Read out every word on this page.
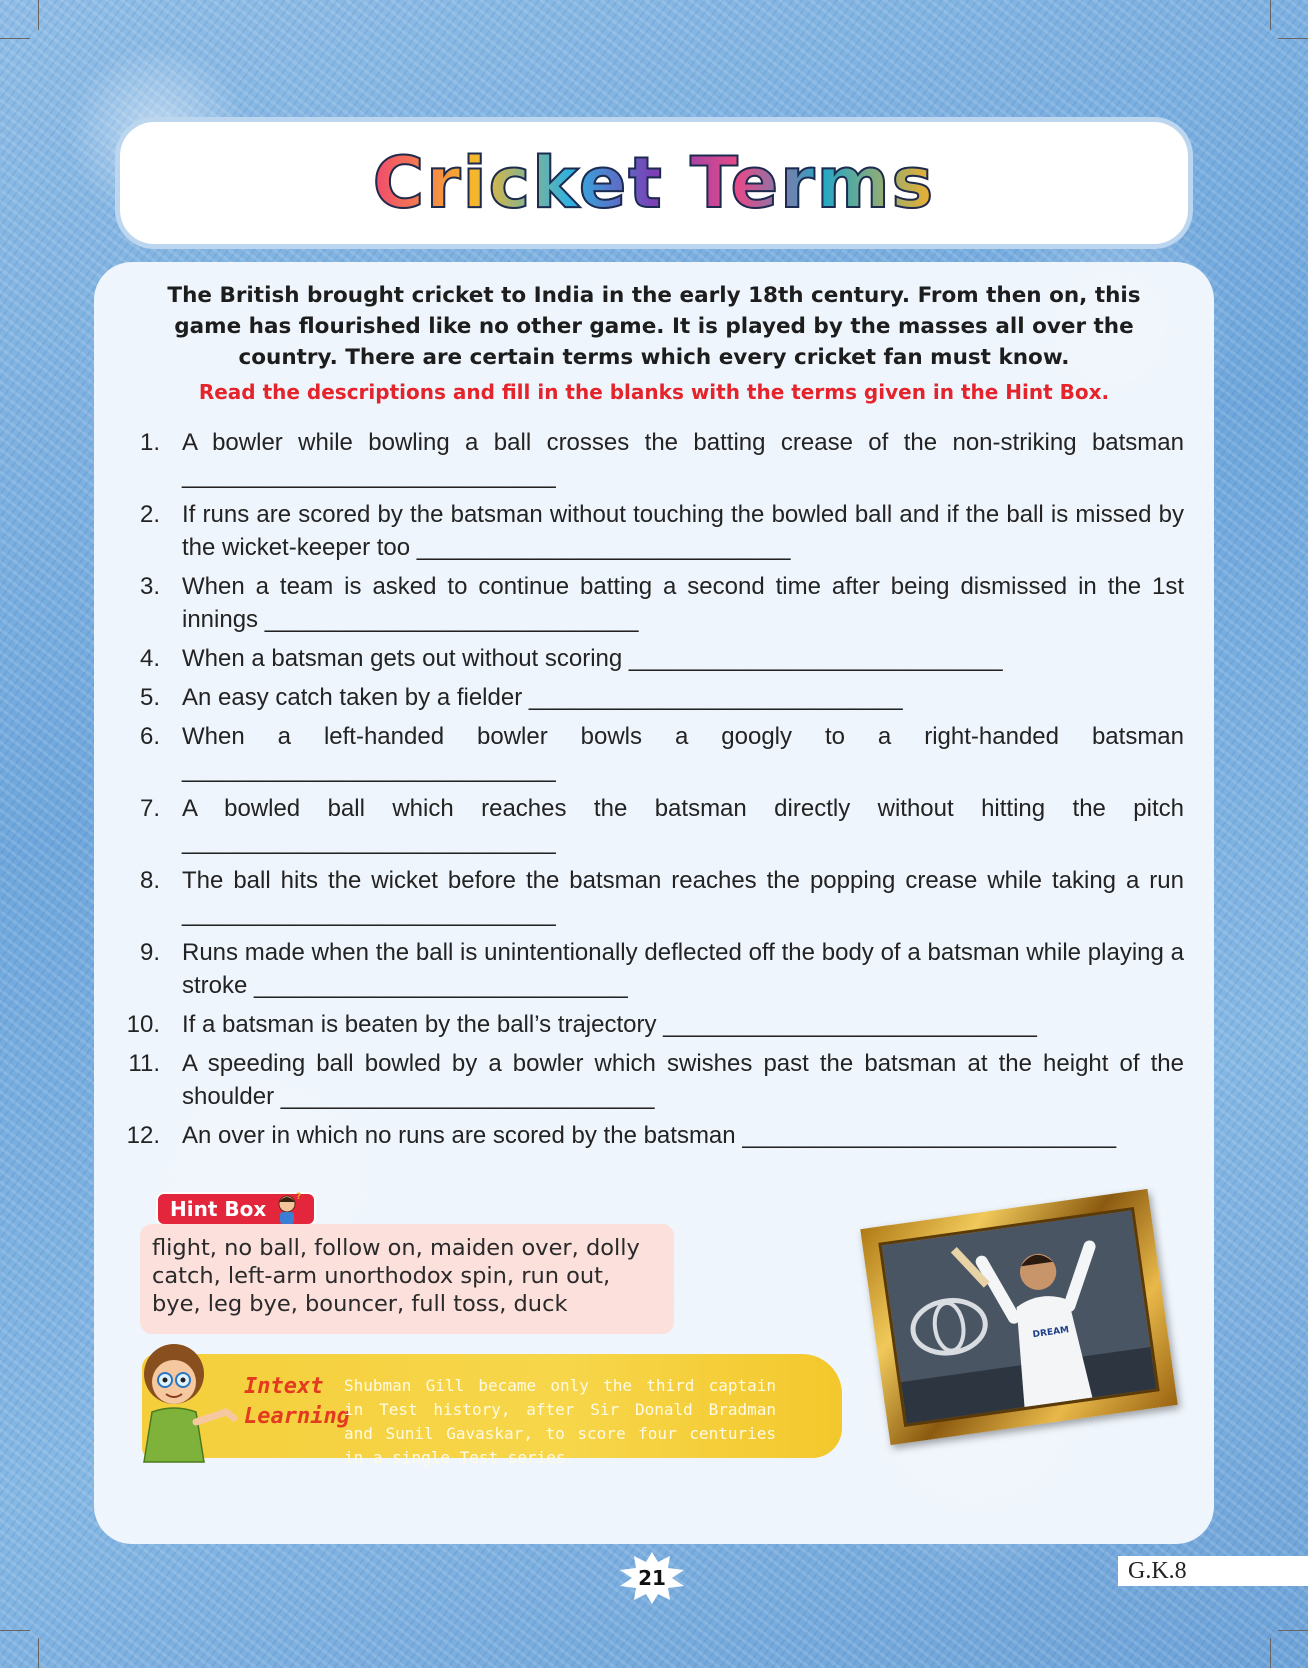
Cricket Terms
The British brought cricket to India in the early 18th century. From then on, this game has flourished like no other game. It is played by the masses all over the country. There are certain terms which every cricket fan must know.
Read the descriptions and fill in the blanks with the terms given in the Hint Box.
1. A bowler while bowling a ball crosses the batting crease of the non-striking batsman ____________________________
2. If runs are scored by the batsman without touching the bowled ball and if the ball is missed by the wicket-keeper too ____________________________
3. When a team is asked to continue batting a second time after being dismissed in the 1st innings ____________________________
4. When a batsman gets out without scoring ____________________________
5. An easy catch taken by a fielder ____________________________
6. When a left-handed bowler bowls a googly to a right-handed batsman ____________________________
7. A bowled ball which reaches the batsman directly without hitting the pitch ____________________________
8. The ball hits the wicket before the batsman reaches the popping crease while taking a run ____________________________
9. Runs made when the ball is unintentionally deflected off the body of a batsman while playing a stroke ____________________________
10. If a batsman is beaten by the ball’s trajectory ____________________________
11. A speeding ball bowled by a bowler which swishes past the batsman at the height of the shoulder ____________________________
12. An over in which no runs are scored by the batsman ____________________________
Hint Box	?
flight, no ball, follow on, maiden over, dolly catch, left-arm unorthodox spin, run out, bye, leg bye, bouncer, full toss, duck
Intext
Learning
Shubman Gill became only the third captain in Test history, after Sir Donald Bradman and Sunil Gavaskar, to score four centuries in a single Test series.
DREAM
21	G.K.8
